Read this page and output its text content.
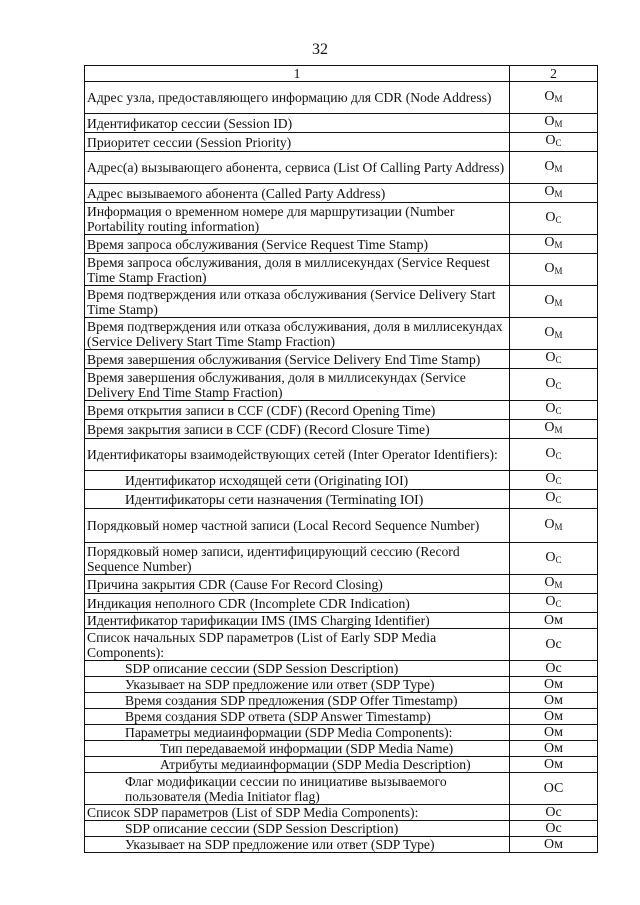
32
1	2
Адрес узла, предоставляющего информацию для CDR (Node Address)	$O_M$
Идентификатор сессии (Session ID)	$O_M$
Приоритет сессии (Session Priority)	$O_C$
Адрес(а) вызывающего абонента, сервиса (List Of Calling Party Address)	$O_M$
Адрес вызываемого абонента (Called Party Address)	$O_M$
Информация о временном номере для маршрутизации (Number Portability routing information)	$O_C$
Время запроса обслуживания (Service Request Time Stamp)	$O_M$
Время запроса обслуживания, доля в миллисекундах (Service Request Time Stamp Fraction)	$O_M$
Время подтверждения или отказа обслуживания (Service Delivery Start Time Stamp)	$O_M$
Время подтверждения или отказа обслуживания, доля в миллисекундах (Service Delivery Start Time Stamp Fraction)	$O_M$
Время завершения обслуживания (Service Delivery End Time Stamp)	$O_C$
Время завершения обслуживания, доля в миллисекундах (Service Delivery End Time Stamp Fraction)	$O_C$
Время открытия записи в CCF (CDF) (Record Opening Time)	$O_C$
Время закрытия записи в CCF (CDF) (Record Closure Time)	$O_M$
Идентификаторы взаимодействующих сетей (Inter Operator Identifiers):	$O_C$
Идентификатор исходящей сети (Originating IOI)	$O_C$
Идентификаторы сети назначения (Terminating IOI)	$O_C$
Порядковый номер частной записи (Local Record Sequence Number)	$O_M$
Порядковый номер записи, идентифицирующий сессию (Record Sequence Number)	$O_C$
Причина закрытия CDR (Cause For Record Closing)	$O_M$
Индикация неполного CDR (Incomplete CDR Indication)	$O_C$
Идентификатор тарификации IMS (IMS Charging Identifier)	Ом
Список начальных SDP параметров (List of Early SDP Media Components):	Ос
SDP описание сессии (SDP Session Description)	Ос
Указывает на SDP предложение или ответ (SDP Type)	Ом
Время создания SDP предложения (SDP Offer Timestamp)	Ом
Время создания SDP ответа (SDP Answer Timestamp)	Ом
Параметры медиаинформации (SDP Media Components):	Ом
Тип передаваемой информации (SDP Media Name)	Ом
Атрибуты медиаинформации (SDP Media Description)	Ом
Флаг модификации сессии по инициативе вызываемого пользователя (Media Initiator flag)	ОС
Список SDP параметров (List of SDP Media Components):	Ос
SDP описание сессии (SDP Session Description)	Ос
Указывает на SDP предложение или ответ (SDP Type)	Ом
